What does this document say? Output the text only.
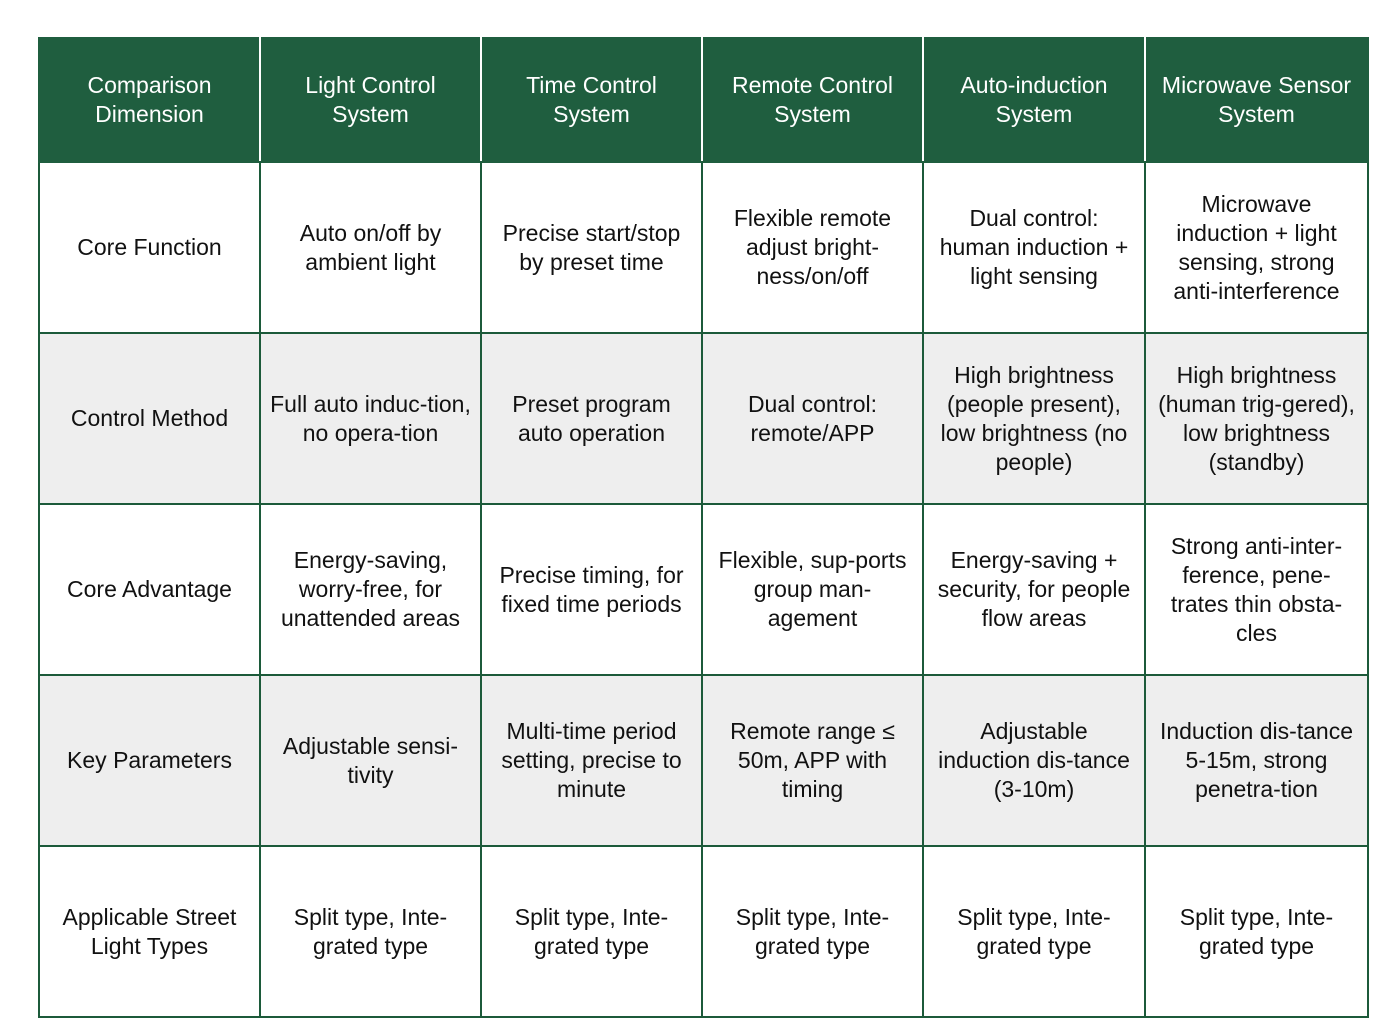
Comparison Dimension	Light Control System	Time Control System	Remote Control System	Auto-induction System	Microwave Sensor System
Core Function	Auto on/off by ambient light	Precise start/stop by preset time	Flexible remote adjust bright-ness/on/off	Dual control: human induction + light sensing	Microwave induction + light sensing, strong anti-interference
Control Method	Full auto induc-tion, no opera-tion	Preset program auto operation	Dual control: remote/APP	High brightness (people present), low brightness (no people)	High brightness (human trig-gered), low brightness (standby)
Core Advantage	Energy-saving, worry-free, for unattended areas	Precise timing, for fixed time periods	Flexible, sup-ports group man-agement	Energy-saving + security, for people flow areas	Strong anti-inter-ference, pene-trates thin obsta-cles
Key Parameters	Adjustable sensi-tivity	Multi-time period setting, precise to minute	Remote range ≤ 50m, APP with timing	Adjustable induction dis-tance (3-10m)	Induction dis-tance 5-15m, strong penetra-tion
Applicable Street Light Types	Split type, Inte-grated type	Split type, Inte-grated type	Split type, Inte-grated type	Split type, Inte-grated type	Split type, Inte-grated type
